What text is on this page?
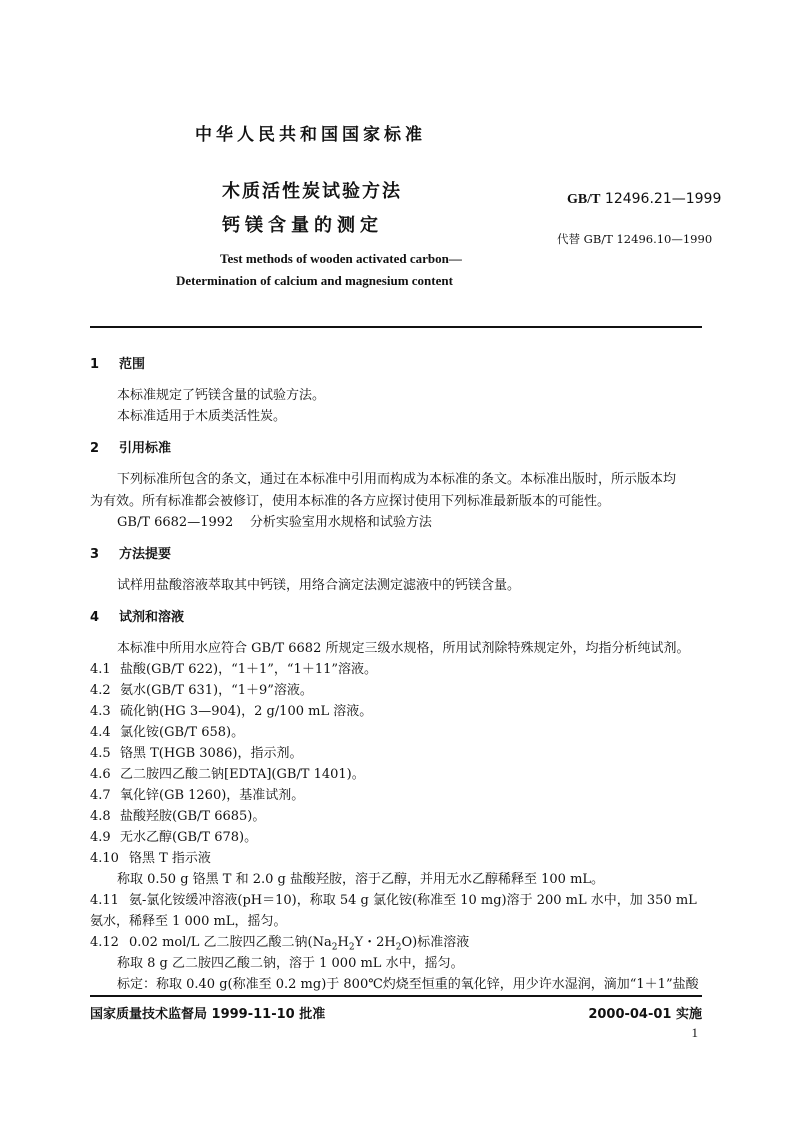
中华人民共和国国家标准
木质活性炭试验方法
钙镁含量的测定
GB/T 12496.21—1999
代替 GB/T 12496.10—1990
Test methods of wooden activated carbon—
Determination of calcium and magnesium content
1 范围
本标准规定了钙镁含量的试验方法。
本标准适用于木质类活性炭。
2 引用标准
下列标准所包含的条文，通过在本标准中引用而构成为本标准的条文。本标准出版时，所示版本均
为有效。所有标准都会被修订，使用本标准的各方应探讨使用下列标准最新版本的可能性。
GB/T 6682—1992    分析实验室用水规格和试验方法
3 方法提要
试样用盐酸溶液萃取其中钙镁，用络合滴定法测定滤液中的钙镁含量。
4 试剂和溶液
本标准中所用水应符合 GB/T 6682 所规定三级水规格，所用试剂除特殊规定外，均指分析纯试剂。
4.1 盐酸(GB/T 622)，“1＋1”，“1＋11”溶液。
4.2 氨水(GB/T 631)，“1＋9”溶液。
4.3 硫化钠(HG 3—904)，2 g/100 mL 溶液。
4.4 氯化铵(GB/T 658)。
4.5 铬黑 T(HGB 3086)，指示剂。
4.6 乙二胺四乙酸二钠[EDTA](GB/T 1401)。
4.7 氧化锌(GB 1260)，基准试剂。
4.8 盐酸羟胺(GB/T 6685)。
4.9 无水乙醇(GB/T 678)。
4.10 铬黑 T 指示液
称取 0.50 g 铬黑 T 和 2.0 g 盐酸羟胺，溶于乙醇，并用无水乙醇稀释至 100 mL。
4.11 氨-氯化铵缓冲溶液(pH＝10)，称取 54 g 氯化铵(称准至 10 mg)溶于 200 mL 水中，加 350 mL
氨水，稀释至 1 000 mL，摇匀。
4.12 0.02 mol/L 乙二胺四乙酸二钠($Na_2H_2Y$・$2H_2O$)标准溶液
称取 8 g 乙二胺四乙酸二钠，溶于 1 000 mL 水中，摇匀。
标定：称取 0.40 g(称准至 0.2 mg)于 800℃灼烧至恒重的氧化锌，用少许水湿润，滴加“1＋1”盐酸
国家质量技术监督局 1999-11-10 批准	2000-04-01 实施
1
